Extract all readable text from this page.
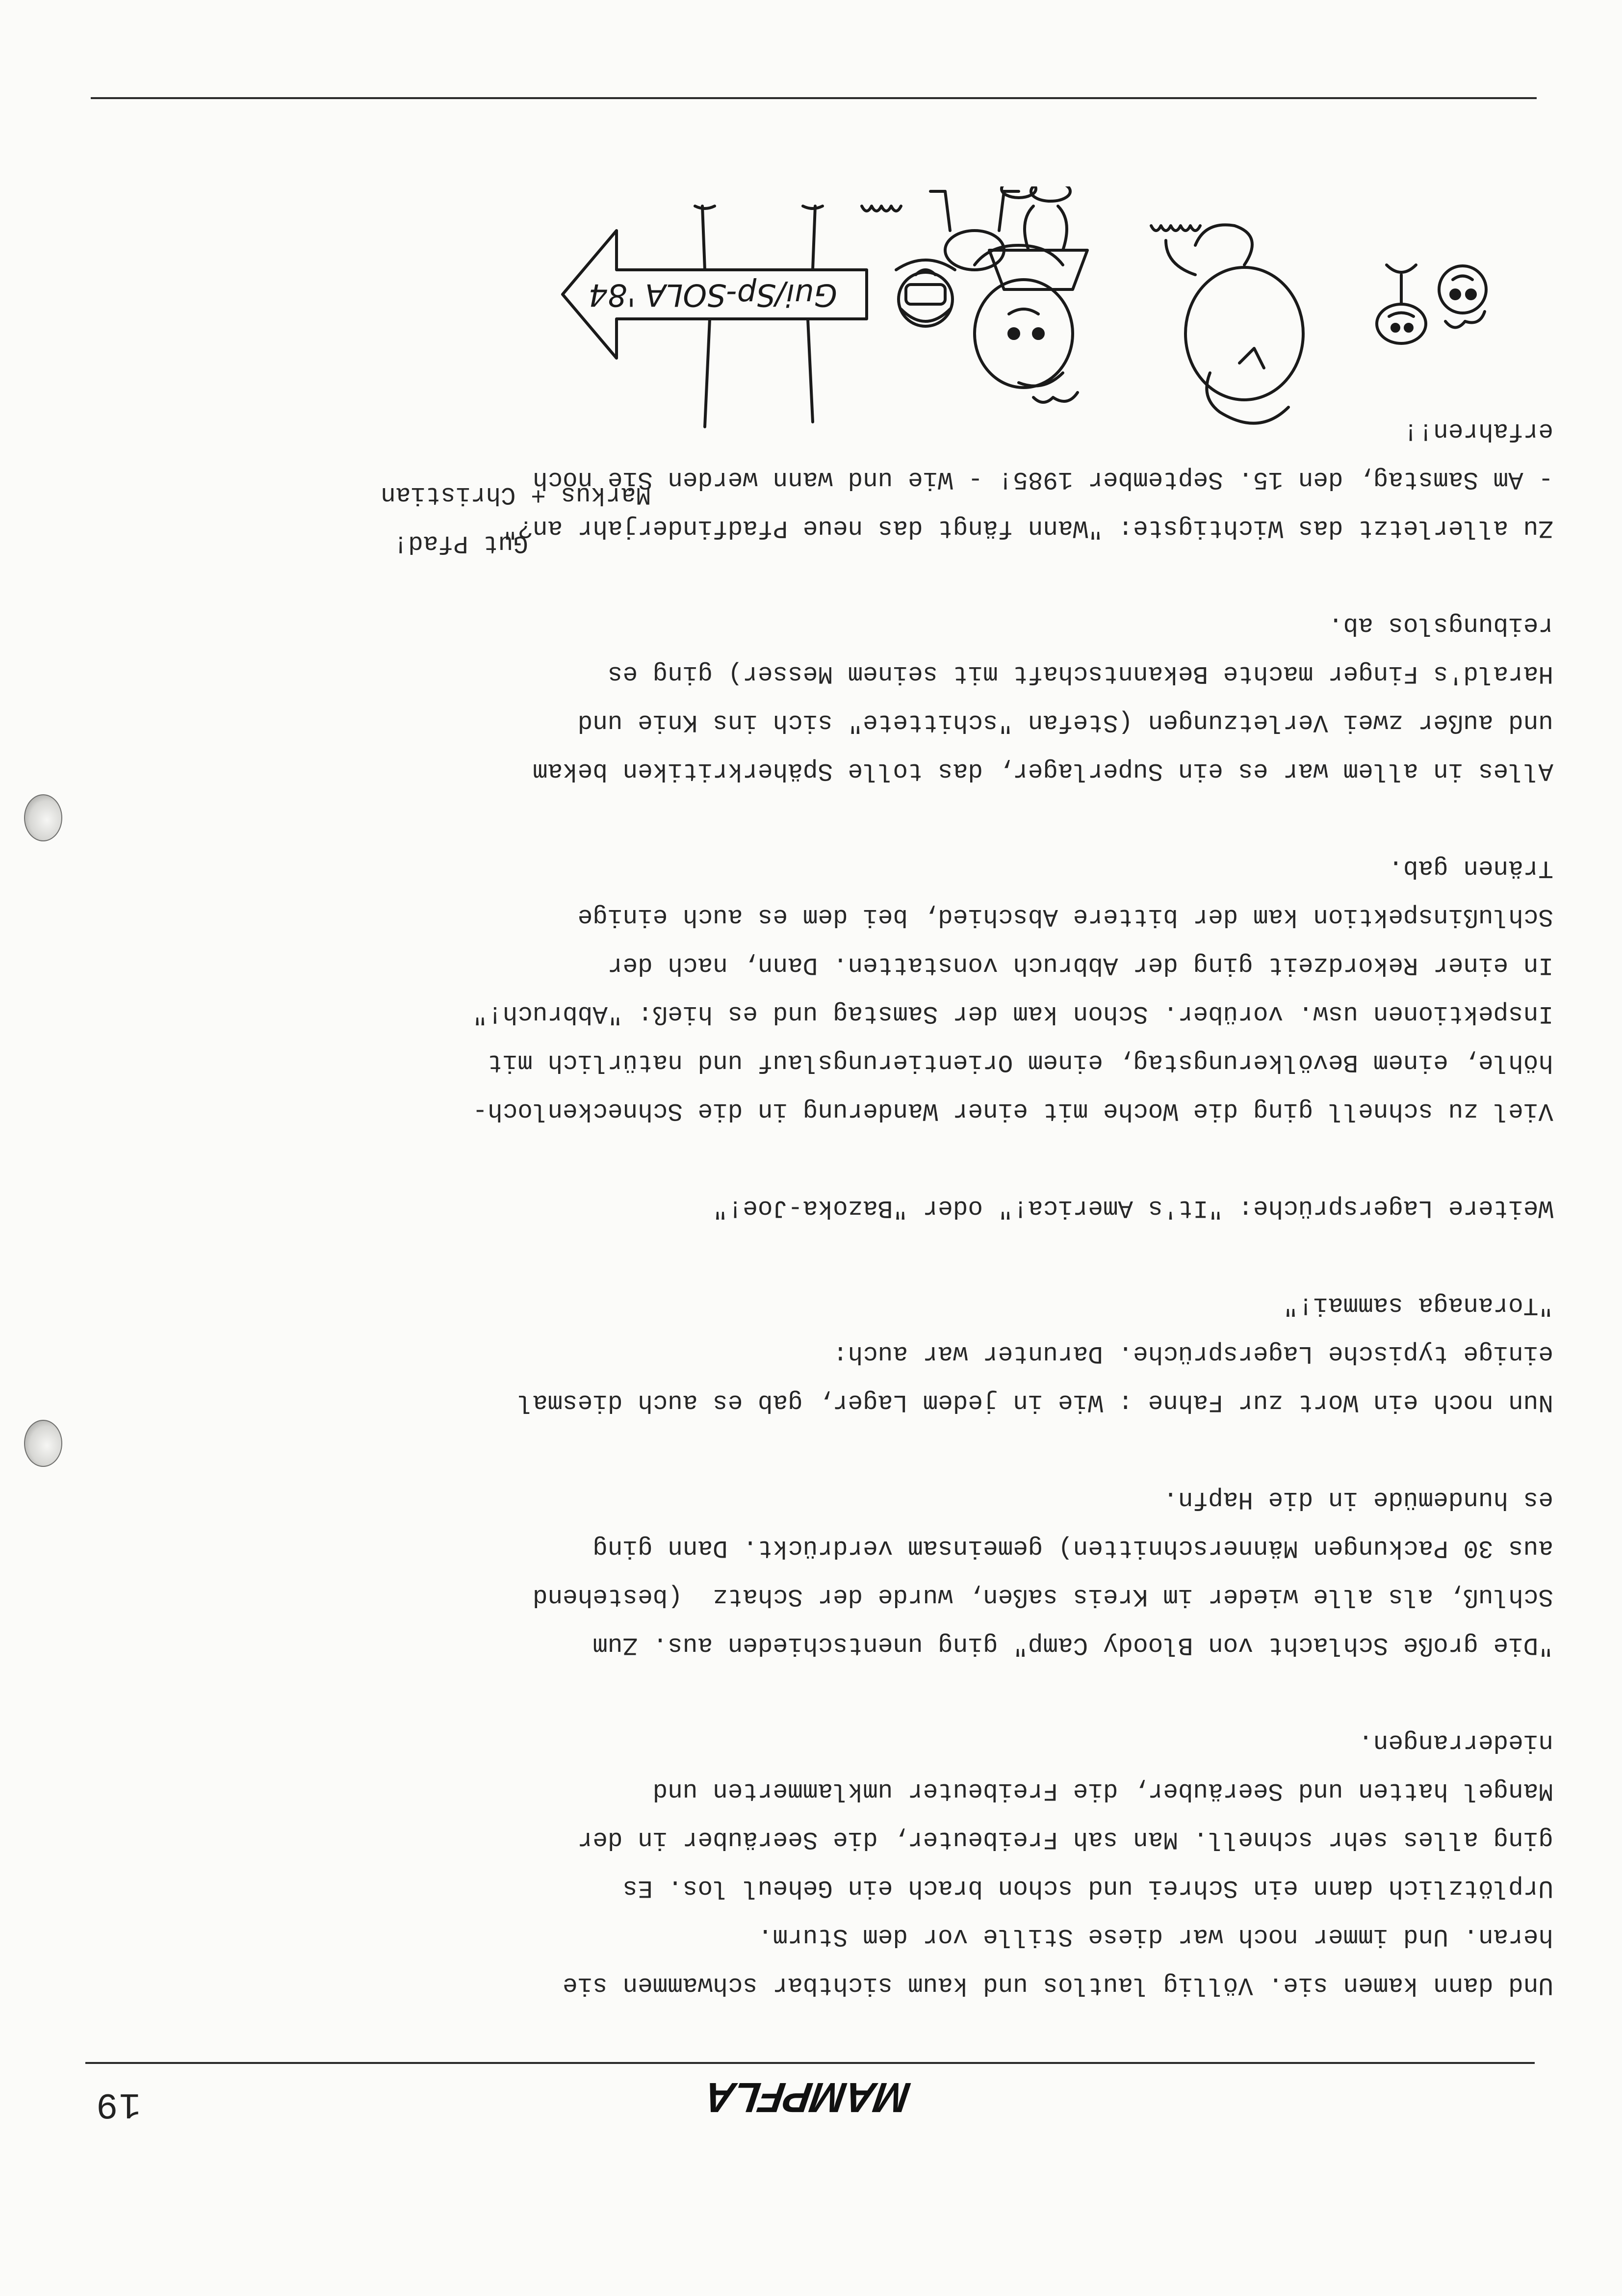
19	MAMPFLA

Und dann kamen sie. Völlig lautlos und kaum sichtbar schwammen sie
heran. Und immer noch war diese Stille vor dem Sturm.
Urplötzlich dann ein Schrei und schon brach ein Geheul los. Es
ging alles sehr schnell. Man sah Freibeuter, die Seeräuber in der
Mangel hatten und Seeräuber, die Freibeuter umklammerten und
niederrangen.

"Die große Schlacht von Bloody Camp" ging unentschieden aus. Zum
Schluß, als alle wieder im Kreis saßen, wurde der Schatz  (bestehend
aus 30 Packungen Männerschnitten) gemeinsam verdrückt. Dann ging
es hundemüde in die Hapfn.

Nun noch ein Wort zur Fahne : Wie in jedem Lager, gab es auch diesmal
einige typische Lagersprüche. Darunter war auch:
"Toranaga sammai!"

Weitere Lagersprüche: "It's America!" oder "Bazoka-Joe!"

Viel zu schnell ging die Woche mit einer Wanderung in die Schneckenloch-
höhle, einem Bevölkerungstag, einem Orientierungslauf und natürlich mit
Inspektionen usw. vorüber. Schon kam der Samstag und es hieß: "Abbruch!"
In einer Rekordzeit ging der Abbruch vonstatten. Dann, nach der
Schlußinspektion kam der bittere Abschied, bei dem es auch einige
Tränen gab.

Alles in allem war es ein Superlager, das tolle Späherkritiken bekam
und außer zwei Verletzungen (Stefan "schittete" sich ins Knie und
Harald's Finger machte Bekanntschaft mit seinem Messer) ging es
reibungslos ab.

Zu allerletzt das Wichtigste: "Wann fängt das neue Pfadfinderjahr an?"
- Am Samstag, den 15. September 1985! - Wie und wann werden Sie noch
erfahren!!

Gut Pfad!
Markus + Christian
Gui/Sp-SOLA '84
